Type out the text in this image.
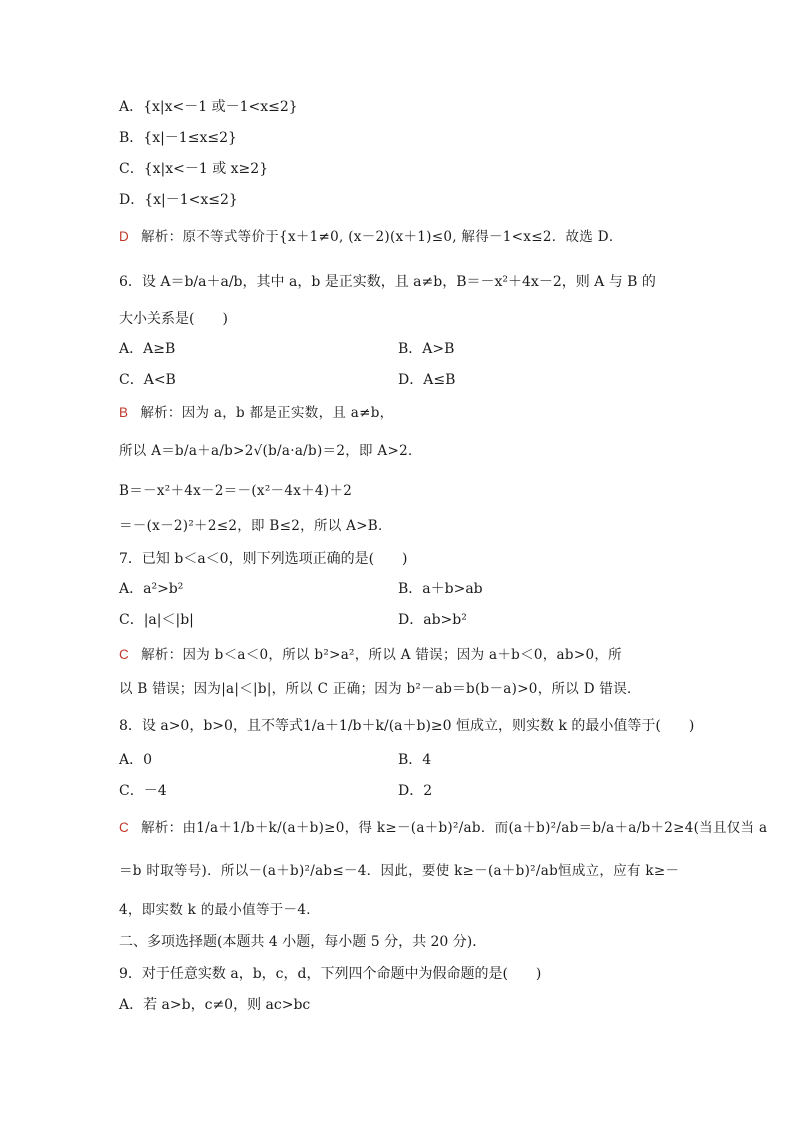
A．{x|x<－1 或－1<x≤2}
B．{x|－1≤x≤2}
C．{x|x<－1 或 x≥2}
D．{x|－1<x≤2}
D 解析：原不等式等价于{x＋1≠0, (x－2)(x＋1)≤0, 解得－1<x≤2．故选 D．
6．设 A＝b/a＋a/b，其中 a，b 是正实数，且 a≠b，B＝－x²＋4x－2，则 A 与 B 的
大小关系是(　　)
A．A≥B	B．A>B
C．A<B	D．A≤B
B 解析：因为 a，b 都是正实数，且 a≠b，
所以 A＝b/a＋a/b>2√(b/a·a/b)＝2，即 A>2．
B＝－x²＋4x－2＝－(x²－4x＋4)＋2
＝－(x－2)²＋2≤2，即 B≤2，所以 A>B．
7．已知 b＜a＜0，则下列选项正确的是(　　)
A．a²>b²	B．a＋b>ab
C．|a|＜|b|	D．ab>b²
C 解析：因为 b＜a＜0，所以 b²>a²，所以 A 错误；因为 a＋b＜0，ab>0，所
以 B 错误；因为|a|＜|b|，所以 C 正确；因为 b²－ab＝b(b－a)>0，所以 D 错误．
8．设 a>0，b>0，且不等式1/a＋1/b＋k/(a＋b)≥0 恒成立，则实数 k 的最小值等于(　　)
A．0	B．4
C．－4	D．2
C 解析：由1/a＋1/b＋k/(a＋b)≥0，得 k≥－(a＋b)²/ab．而(a＋b)²/ab＝b/a＋a/b＋2≥4(当且仅当 a
＝b 时取等号)．所以－(a＋b)²/ab≤－4．因此，要使 k≥－(a＋b)²/ab恒成立，应有 k≥－
4，即实数 k 的最小值等于－4．
二、多项选择题(本题共 4 小题，每小题 5 分，共 20 分)．
9．对于任意实数 a，b，c，d，下列四个命题中为假命题的是(　　)
A．若 a>b，c≠0，则 ac>bc
